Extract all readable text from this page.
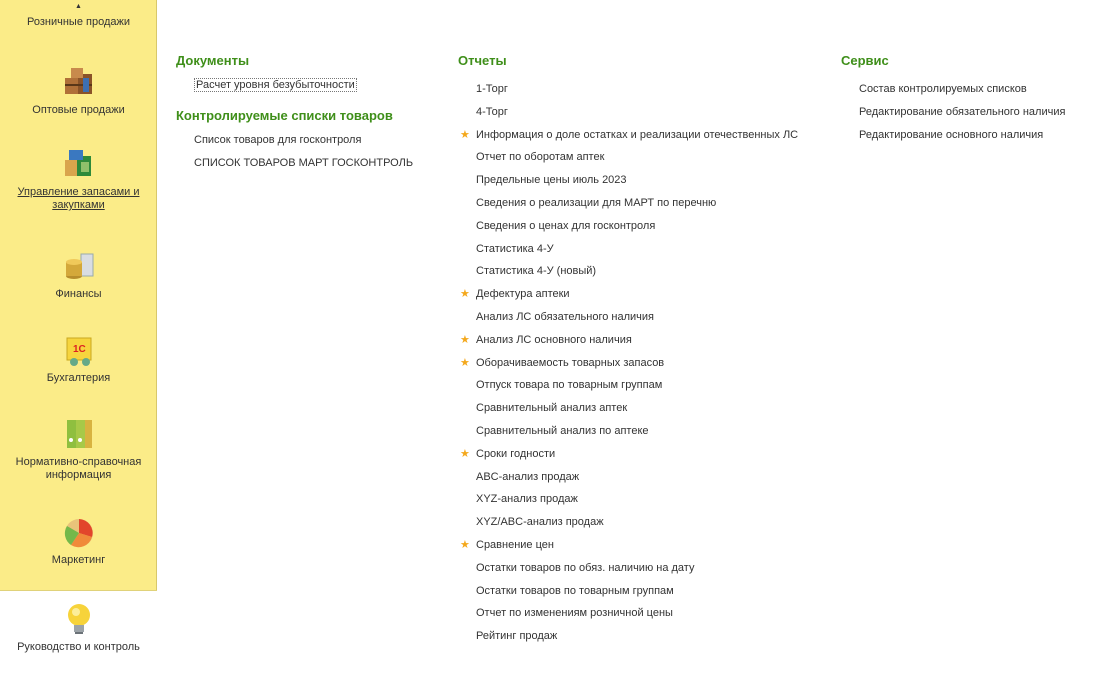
▲
Розничные продажи
Оптовые продажи
Управление запасами и закупками
Финансы
1С
Бухгалтерия
Нормативно-справочная информация
Маркетинг
Руководство и контроль
Документы
Расчет уровня безубыточности
Контролируемые списки товаров
Список товаров для госконтроля
СПИСОК ТОВАРОВ МАРТ ГОСКОНТРОЛЬ
Отчеты
1-Торг
4-Торг
★ Информация о доле остатках и реализации отечественных ЛС
Отчет по оборотам аптек
Предельные цены июль 2023
Сведения о реализации для МАРТ по перечню
Сведения о ценах для госконтроля
Статистика 4-У
Статистика 4-У (новый)
★ Дефектура аптеки
Анализ ЛС обязательного наличия
★ Анализ ЛС основного наличия
★ Оборачиваемость товарных запасов
Отпуск товара по товарным группам
Сравнительный анализ аптек
Сравнительный анализ по аптеке
★ Сроки годности
ABC-анализ продаж
XYZ-анализ продаж
XYZ/ABC-анализ продаж
★ Сравнение цен
Остатки товаров по обяз. наличию на дату
Остатки товаров по товарным группам
Отчет по изменениям розничной цены
Рейтинг продаж
Сервис
Состав контролируемых списков
Редактирование обязательного наличия
Редактирование основного наличия
